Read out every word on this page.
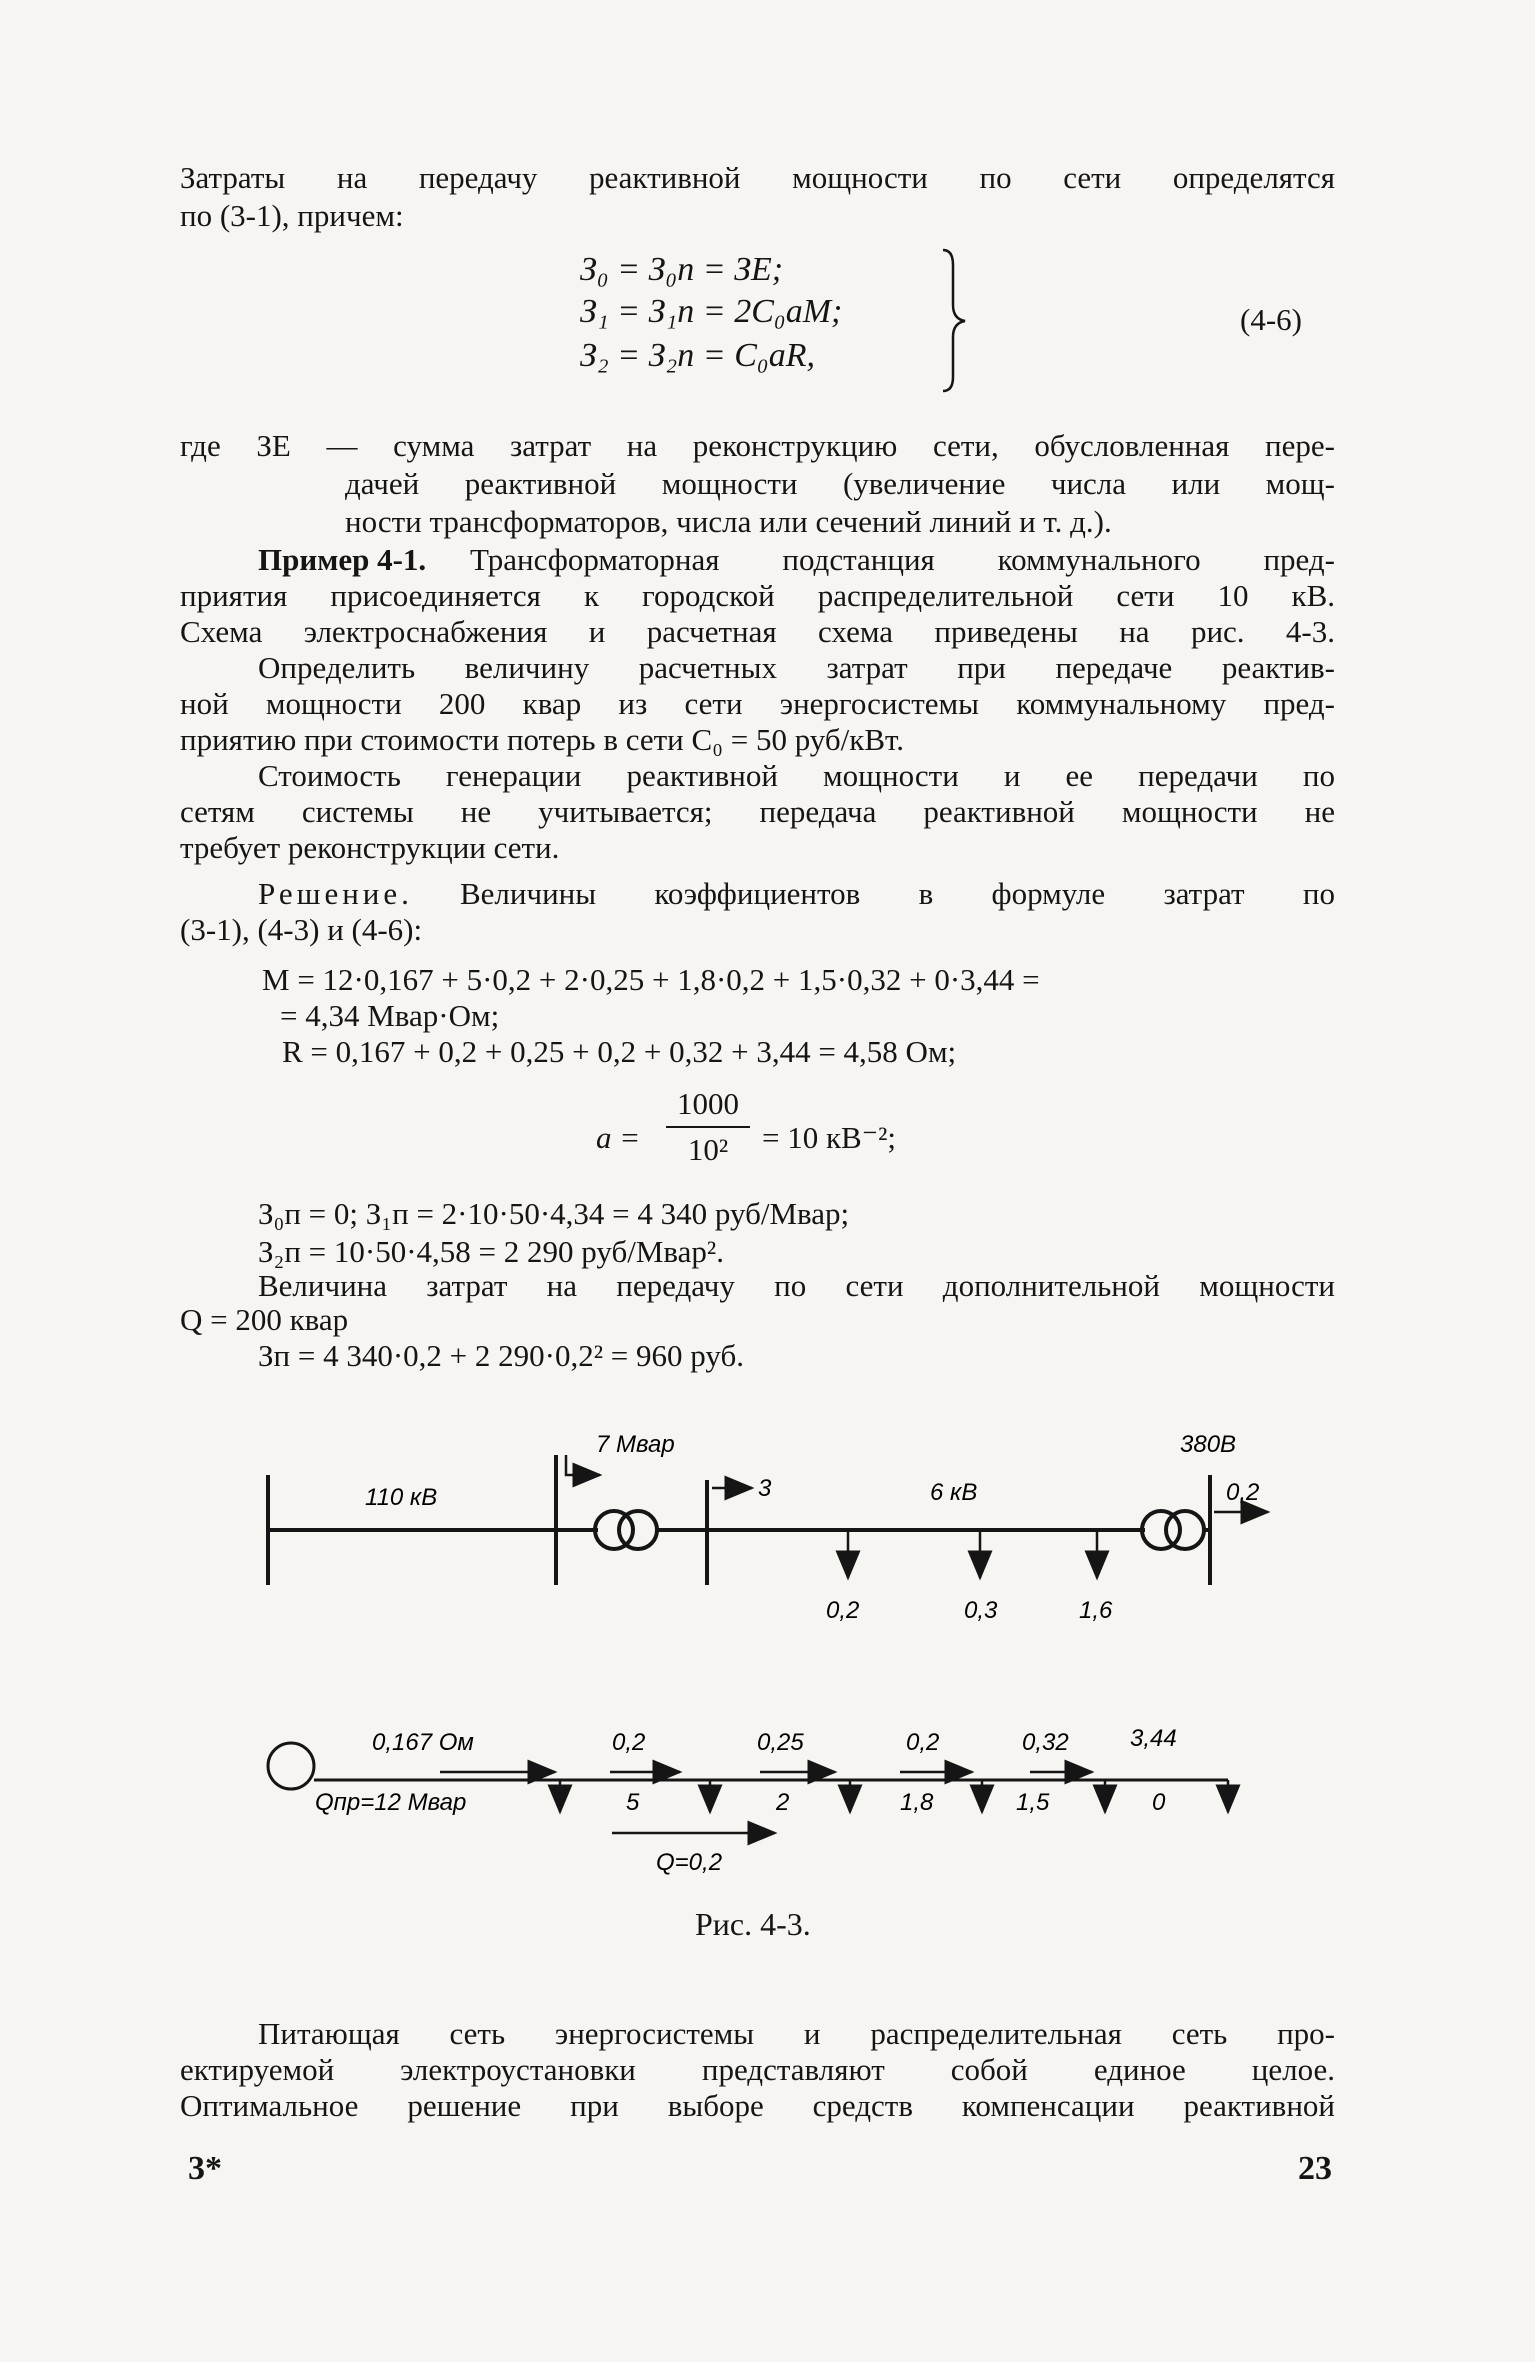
Затраты на передачу реактивной мощности по сети определятся
по (3-1), причем:
З₀ = З₀п = ЗЕ;
З₁ = З₁п = 2C₀aM;
З₂ = З₂п = C₀aR,
(4-6)
где ЗЕ — сумма затрат на реконструкцию сети, обусловленная пере-
дачей реактивной мощности (увеличение числа или мощ-
ности трансформаторов, числа или сечений линий и т. д.).
Пример 4-1. Трансформаторная подстанция коммунального пред-
приятия присоединяется к городской распределительной сети 10 кВ.
Схема электроснабжения и расчетная схема приведены на рис. 4-3.
Определить величину расчетных затрат при передаче реактив-
ной мощности 200 квар из сети энергосистемы коммунальному пред-
приятию при стоимости потерь в сети C₀ = 50 руб/кВт.
Стоимость генерации реактивной мощности и ее передачи по
сетям системы не учитывается; передача реактивной мощности не
требует реконструкции сети.
Решение. Величины коэффициентов в формуле затрат по
(3-1), (4-3) и (4-6):
M = 12·0,167 + 5·0,2 + 2·0,25 + 1,8·0,2 + 1,5·0,32 + 0·3,44 =
= 4,34 Мвар·Ом;
R = 0,167 + 0,2 + 0,25 + 0,2 + 0,32 + 3,44 = 4,58 Ом;
a =
1000
10²	= 10 кВ⁻²;
З₀п = 0; З₁п = 2·10·50·4,34 = 4 340 руб/Мвар;
З₂п = 10·50·4,58 = 2 290 руб/Мвар².
Величина затрат на передачу по сети дополнительной мощности
Q = 200 квар
Зп = 4 340·0,2 + 2 290·0,2² = 960 руб.
110 кВ
7 Мвар
3	6 кВ
380В
0,2
0,2	0,3	1,6
0,167 Ом
Qпр=12 Мвар
0,2	0,25	0,2	0,32	3,44
5	2	1,8	1,5	0
Q=0,2
Рис. 4-3.
Питающая сеть энергосистемы и распределительная сеть про-
ектируемой электроустановки представляют собой единое целое.
Оптимальное решение при выборе средств компенсации реактивной
3*	23
